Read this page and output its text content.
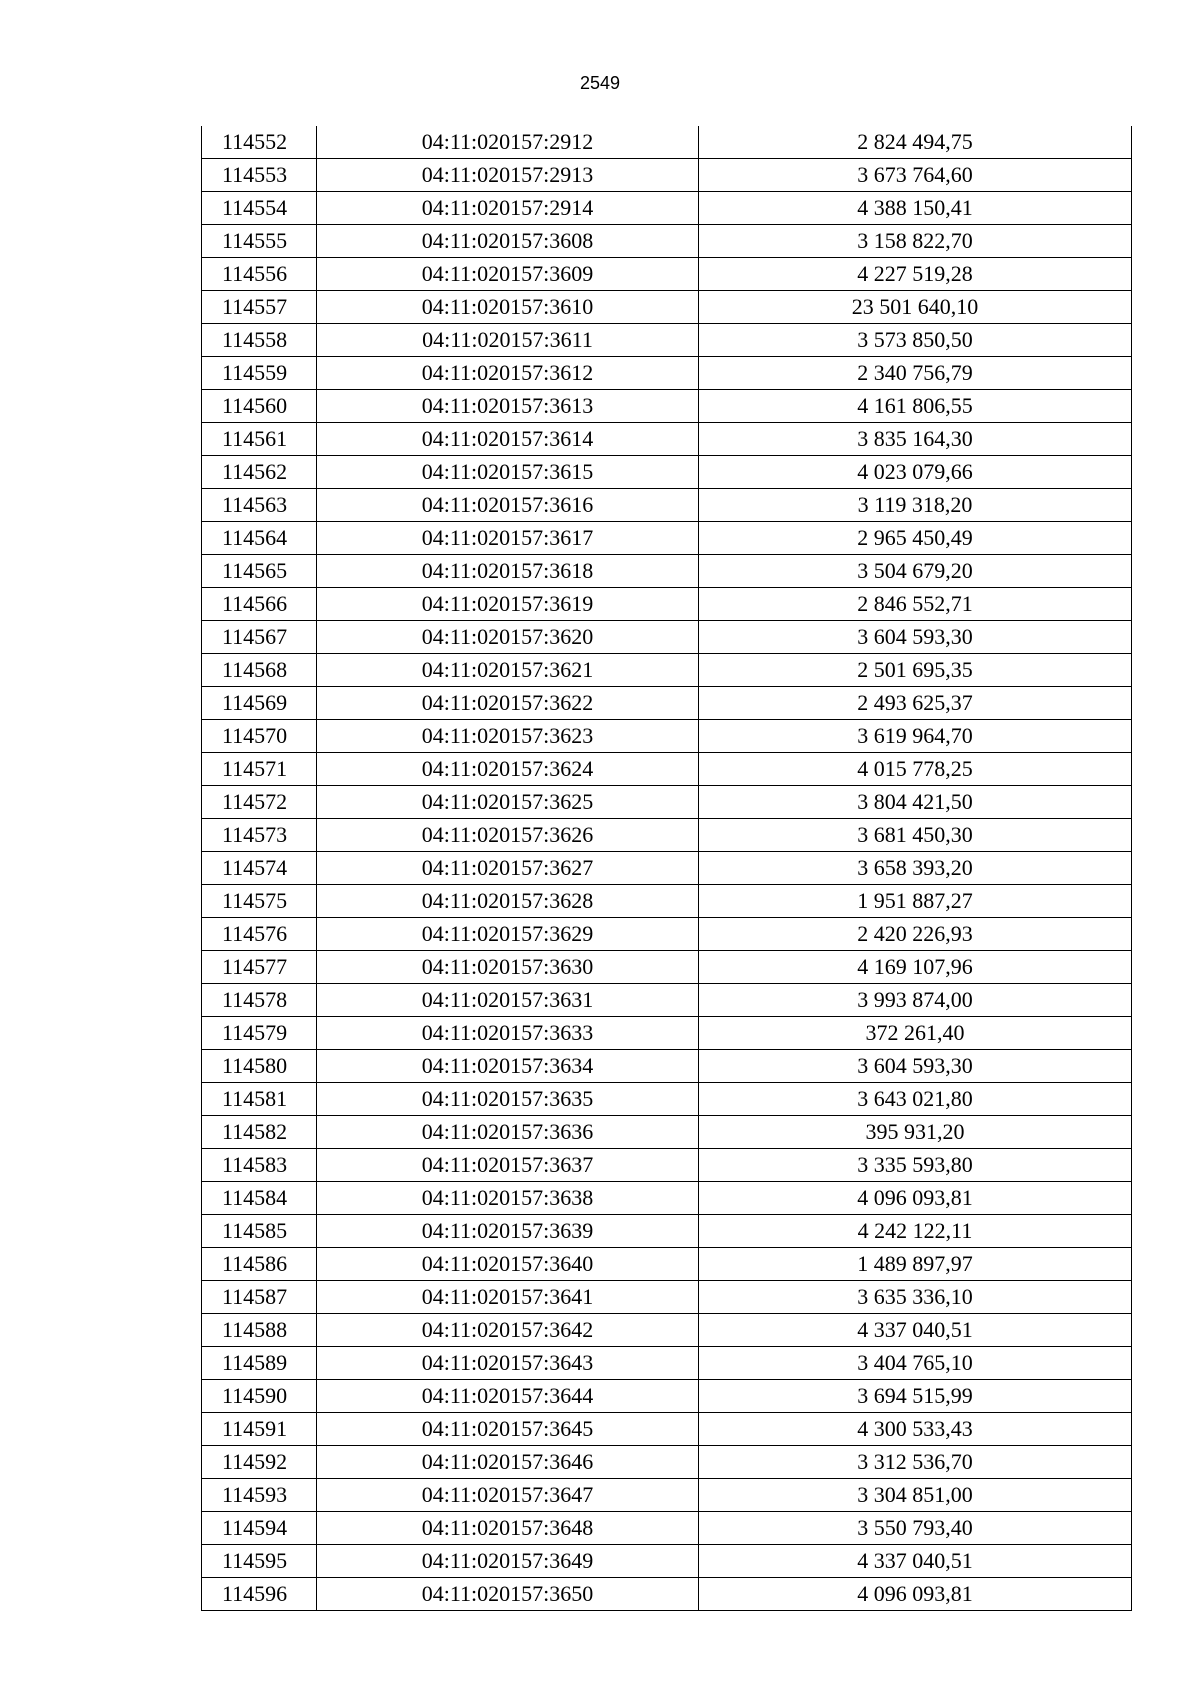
2549
114552	04:11:020157:2912	2 824 494,75
114553	04:11:020157:2913	3 673 764,60
114554	04:11:020157:2914	4 388 150,41
114555	04:11:020157:3608	3 158 822,70
114556	04:11:020157:3609	4 227 519,28
114557	04:11:020157:3610	23 501 640,10
114558	04:11:020157:3611	3 573 850,50
114559	04:11:020157:3612	2 340 756,79
114560	04:11:020157:3613	4 161 806,55
114561	04:11:020157:3614	3 835 164,30
114562	04:11:020157:3615	4 023 079,66
114563	04:11:020157:3616	3 119 318,20
114564	04:11:020157:3617	2 965 450,49
114565	04:11:020157:3618	3 504 679,20
114566	04:11:020157:3619	2 846 552,71
114567	04:11:020157:3620	3 604 593,30
114568	04:11:020157:3621	2 501 695,35
114569	04:11:020157:3622	2 493 625,37
114570	04:11:020157:3623	3 619 964,70
114571	04:11:020157:3624	4 015 778,25
114572	04:11:020157:3625	3 804 421,50
114573	04:11:020157:3626	3 681 450,30
114574	04:11:020157:3627	3 658 393,20
114575	04:11:020157:3628	1 951 887,27
114576	04:11:020157:3629	2 420 226,93
114577	04:11:020157:3630	4 169 107,96
114578	04:11:020157:3631	3 993 874,00
114579	04:11:020157:3633	372 261,40
114580	04:11:020157:3634	3 604 593,30
114581	04:11:020157:3635	3 643 021,80
114582	04:11:020157:3636	395 931,20
114583	04:11:020157:3637	3 335 593,80
114584	04:11:020157:3638	4 096 093,81
114585	04:11:020157:3639	4 242 122,11
114586	04:11:020157:3640	1 489 897,97
114587	04:11:020157:3641	3 635 336,10
114588	04:11:020157:3642	4 337 040,51
114589	04:11:020157:3643	3 404 765,10
114590	04:11:020157:3644	3 694 515,99
114591	04:11:020157:3645	4 300 533,43
114592	04:11:020157:3646	3 312 536,70
114593	04:11:020157:3647	3 304 851,00
114594	04:11:020157:3648	3 550 793,40
114595	04:11:020157:3649	4 337 040,51
114596	04:11:020157:3650	4 096 093,81
